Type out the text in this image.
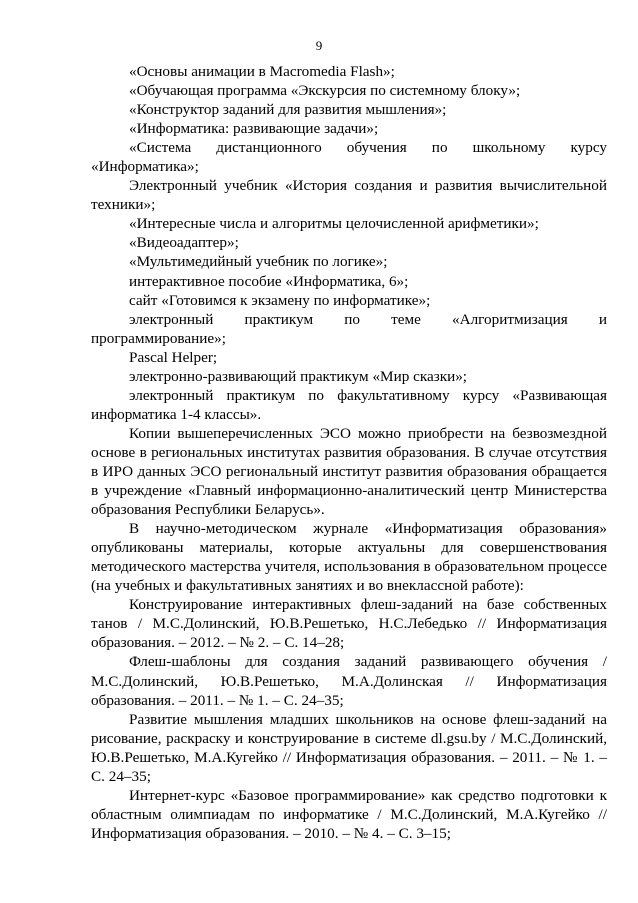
9

«Основы анимации в Macromedia Flash»;

«Обучающая программа «Экскурсия по системному блоку»;

«Конструктор заданий для развития мышления»;

«Информатика: развивающие задачи»;

«Система дистанционного обучения по школьному курсу «Информатика»;

Электронный учебник «История создания и развития вычислительной техники»;

«Интересные числа и алгоритмы целочисленной арифметики»;

«Видеоадаптер»;

«Мультимедийный учебник по логике»;

интерактивное пособие «Информатика, 6»;

сайт «Готовимся к экзамену по информатике»;

электронный практикум по теме «Алгоритмизация и программирование»;

Pascal Helper;

электронно-развивающий практикум «Мир сказки»;

электронный практикум по факультативному курсу «Развивающая информатика 1-4 классы».

Копии вышеперечисленных ЭСО можно приобрести на безвозмездной основе в региональных институтах развития образования. В случае отсутствия в ИРО данных ЭСО региональный институт развития образования обращается в учреждение «Главный информационно-аналитический центр Министерства образования Республики Беларусь».

В научно-методическом журнале «Информатизация образования» опубликованы материалы, которые актуальны для совершенствования методического мастерства учителя, использования в образовательном процессе (на учебных и факультативных занятиях и во внеклассной работе):

Конструирование интерактивных флеш-заданий на базе собственных танов / М.С.Долинский, Ю.В.Решетько, Н.С.Лебедько // Информатизация образования. – 2012. – № 2. – С. 14–28;

Флеш-шаблоны для создания заданий развивающего обучения / М.С.Долинский, Ю.В.Решетько, М.А.Долинская // Информатизация образования. – 2011. – № 1. – С. 24–35;

Развитие мышления младших школьников на основе флеш-заданий на рисование, раскраску и конструирование в системе dl.gsu.by / М.С.Долинский, Ю.В.Решетько, М.А.Кугейко // Информатизация образования. – 2011. – № 1. – С. 24–35;

Интернет-курс «Базовое программирование» как средство подготовки к областным олимпиадам по информатике / М.С.Долинский, М.А.Кугейко // Информатизация образования. – 2010. – № 4. – С. 3–15;
